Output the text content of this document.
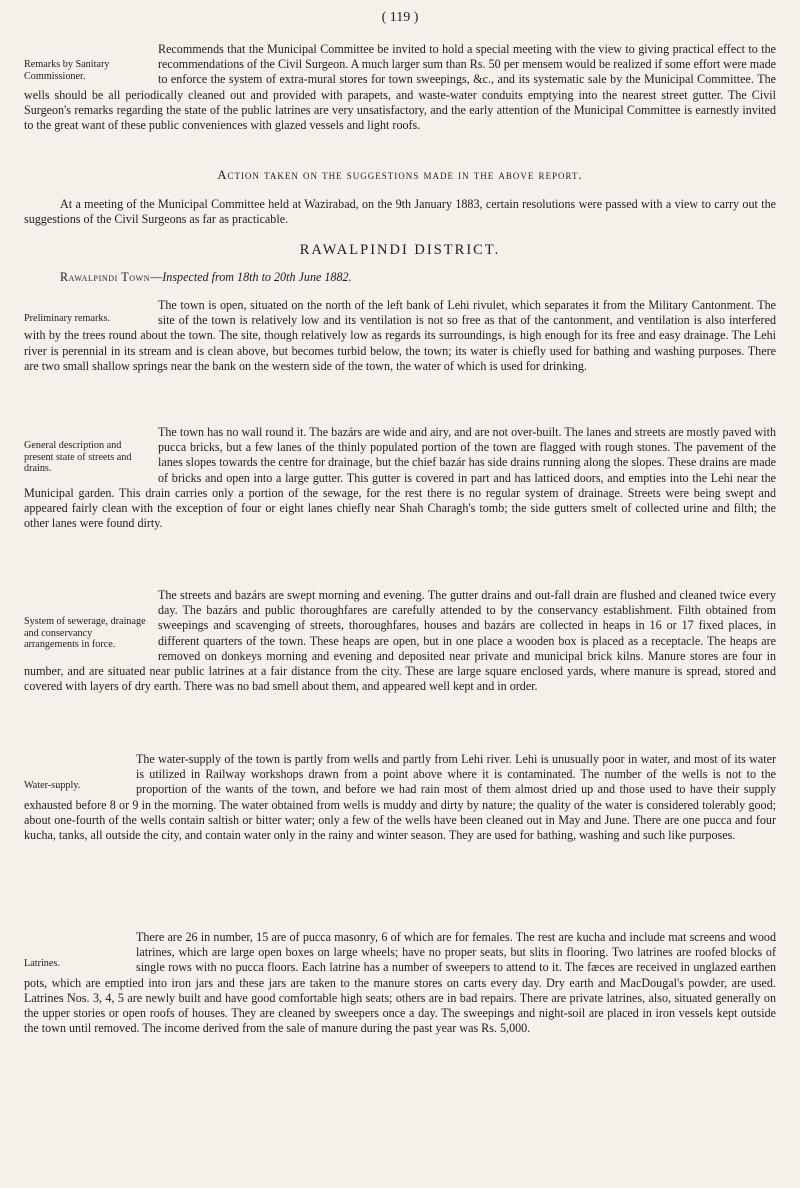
( 119 )
Remarks by Sanitary Commissioner.

Recommends that the Municipal Committee be invited to hold a special meeting with the view to giving practical effect to the recommendations of the Civil Surgeon. A much larger sum than Rs. 50 per mensem would be realized if some effort were made to enforce the system of extra-mural stores for town sweepings, &c., and its systematic sale by the Municipal Committee. The wells should be all periodically cleaned out and provided with parapets, and waste-water conduits emptying into the nearest street gutter. The Civil Surgeon's remarks regarding the state of the public latrines are very unsatisfactory, and the early attention of the Municipal Committee is earnestly invited to the great want of these public conveniences with glazed vessels and light roofs.

Action taken on the suggestions made in the above report.
At a meeting of the Municipal Committee held at Wazirabad, on the 9th January 1883, certain resolutions were passed with a view to carry out the suggestions of the Civil Surgeons as far as practicable.
RAWALPINDI DISTRICT.
Rawalpindi Town—Inspected from 18th to 20th June 1882.
Preliminary remarks.

The town is open, situated on the north of the left bank of Lehi rivulet, which separates it from the Military Cantonment. The site of the town is relatively low and its ventilation is not so free as that of the cantonment, and ventilation is also interfered with by the trees round about the town. The site, though relatively low as regards its surroundings, is high enough for its free and easy drainage. The Lehi river is perennial in its stream and is clean above, but becomes turbid below, the town; its water is chiefly used for bathing and washing purposes. There are two small shallow springs near the bank on the western side of the town, the water of which is used for drinking.

General description and present state of streets and drains.

The town has no wall round it. The bazárs are wide and airy, and are not over-built. The lanes and streets are mostly paved with pucca bricks, but a few lanes of the thinly populated portion of the town are flagged with rough stones. The pavement of the lanes slopes towards the centre for drainage, but the chief bazár has side drains running along the slopes. These drains are made of bricks and open into a large gutter. This gutter is covered in part and has latticed doors, and empties into the Lehi near the Municipal garden. This drain carries only a portion of the sewage, for the rest there is no regular system of drainage. Streets were being swept and appeared fairly clean with the exception of four or eight lanes chiefly near Shah Charagh's tomb; the side gutters smelt of collected urine and filth; the other lanes were found dirty.

System of sewerage, drainage and conservancy arrangements in force.

The streets and bazárs are swept morning and evening. The gutter drains and out-fall drain are flushed and cleaned twice every day. The bazárs and public thoroughfares are carefully attended to by the conservancy establishment. Filth obtained from sweepings and scavenging of streets, thoroughfares, houses and bazárs are collected in heaps in 16 or 17 fixed places, in different quarters of the town. These heaps are open, but in one place a wooden box is placed as a receptacle. The heaps are removed on donkeys morning and evening and deposited near private and municipal brick kilns. Manure stores are four in number, and are situated near public latrines at a fair distance from the city. These are large square enclosed yards, where manure is spread, stored and covered with layers of dry earth. There was no bad smell about them, and appeared well kept and in order.

Water-supply.

The water-supply of the town is partly from wells and partly from Lehi river. Lehi is unusually poor in water, and most of its water is utilized in Railway workshops drawn from a point above where it is contaminated. The number of the wells is not to the proportion of the wants of the town, and before we had rain most of them almost dried up and those used to have their supply exhausted before 8 or 9 in the morning. The water obtained from wells is muddy and dirty by nature; the quality of the water is considered tolerably good; about one-fourth of the wells contain saltish or bitter water; only a few of the wells have been cleaned out in May and June. There are one pucca and four kucha, tanks, all outside the city, and contain water only in the rainy and winter season. They are used for bathing, washing and such like purposes.

Latrines.

There are 26 in number, 15 are of pucca masonry, 6 of which are for females. The rest are kucha and include mat screens and wood latrines, which are large open boxes on large wheels; have no proper seats, but slits in flooring. Two latrines are roofed blocks of single rows with no pucca floors. Each latrine has a number of sweepers to attend to it. The fæces are received in unglazed earthen pots, which are emptied into iron jars and these jars are taken to the manure stores on carts every day. Dry earth and MacDougal's powder, are used. Latrines Nos. 3, 4, 5 are newly built and have good comfortable high seats; others are in bad repairs. There are private latrines, also, situated generally on the upper stories or open roofs of houses. They are cleaned by sweepers once a day. The sweepings and night-soil are placed in iron vessels kept outside the town until removed. The income derived from the sale of manure during the past year was Rs. 5,000.
